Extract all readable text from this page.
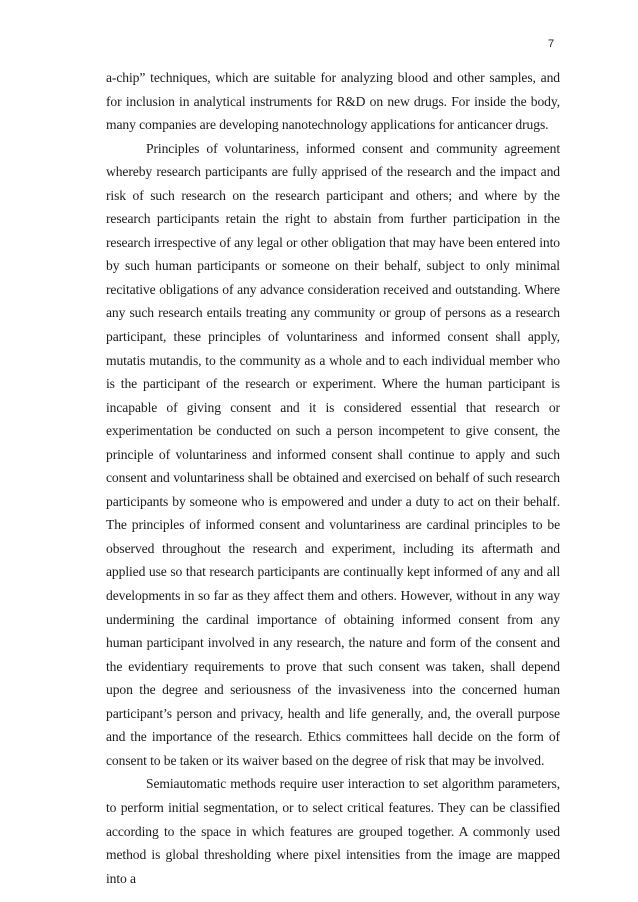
7

a-chip” techniques, which are suitable for analyzing blood and other samples, and for inclusion in analytical instruments for R&D on new drugs. For inside the body, many companies are developing nanotechnology applications for anticancer drugs.

Principles of voluntariness, informed consent and community agreement whereby research participants are fully apprised of the research and the impact and risk of such research on the research participant and others; and where by the research participants retain the right to abstain from further participation in the research irrespective of any legal or other obligation that may have been entered into by such human participants or someone on their behalf, subject to only minimal recitative obligations of any advance consideration received and outstanding. Where any such research entails treating any community or group of persons as a research participant, these principles of voluntariness and informed consent shall apply, mutatis mutandis, to the community as a whole and to each individual member who is the participant of the research or experiment. Where the human participant is incapable of giving consent and it is considered essential that research or experimentation be conducted on such a person incompetent to give consent, the principle of voluntariness and informed consent shall continue to apply and such consent and voluntariness shall be obtained and exercised on behalf of such research participants by someone who is empowered and under a duty to act on their behalf. The principles of informed consent and voluntariness are cardinal principles to be observed throughout the research and experiment, including its aftermath and applied use so that research participants are continually kept informed of any and all developments in so far as they affect them and others. However, without in any way undermining the cardinal importance of obtaining informed consent from any human participant involved in any research, the nature and form of the consent and the evidentiary requirements to prove that such consent was taken, shall depend upon the degree and seriousness of the invasiveness into the concerned human participant’s person and privacy, health and life generally, and, the overall purpose and the importance of the research. Ethics committees hall decide on the form of consent to be taken or its waiver based on the degree of risk that may be involved.

Semiautomatic methods require user interaction to set algorithm parameters, to perform initial segmentation, or to select critical features. They can be classified according to the space in which features are grouped together. A commonly used method is global thresholding where pixel intensities from the image are mapped into a
